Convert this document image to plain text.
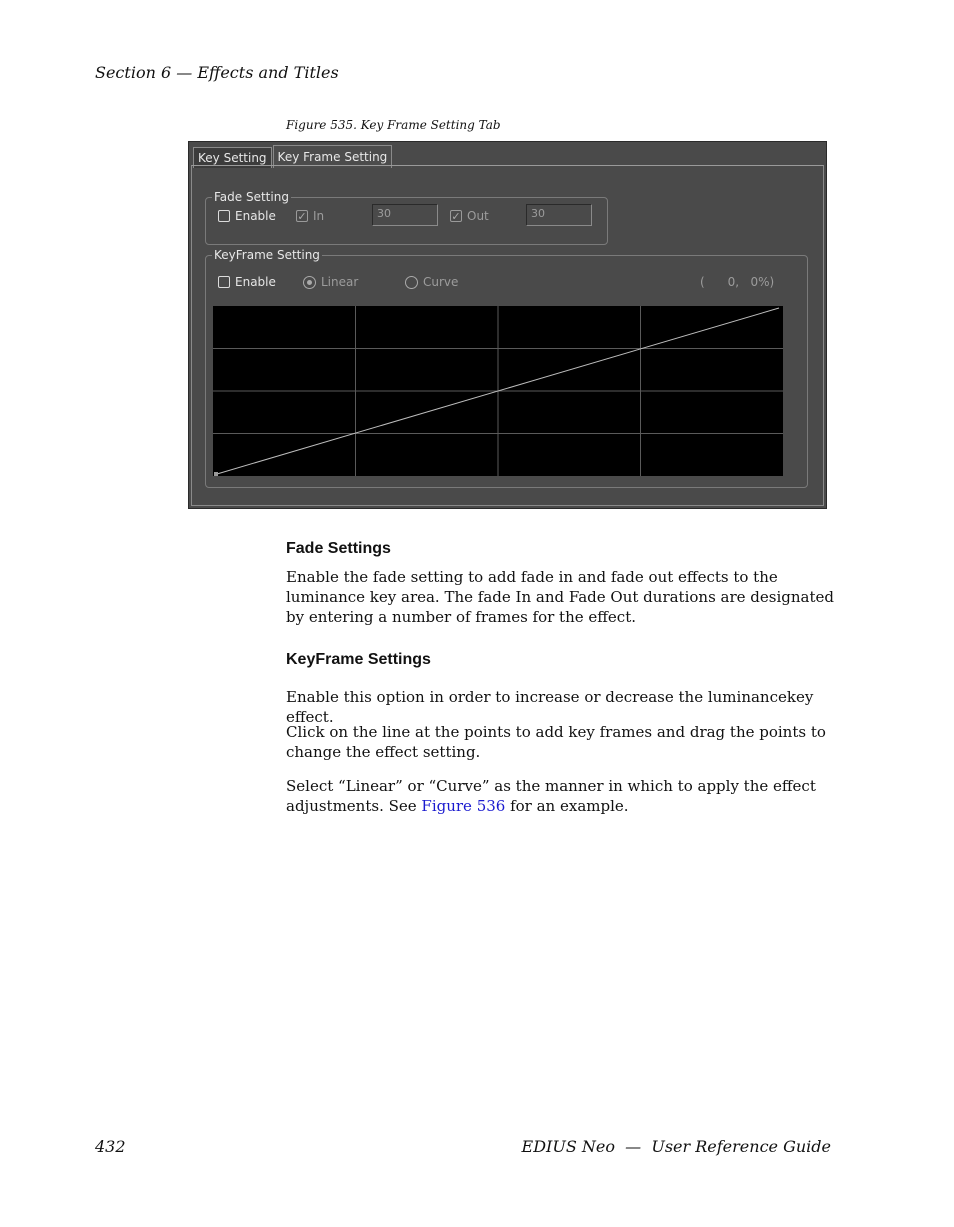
Section 6 — Effects and Titles
Figure 535. Key Frame Setting Tab
Key Setting Key Frame Setting
Fade Setting
Enable ✓ In	30	✓ Out	30
KeyFrame Setting
Enable	Linear	Curve	(      0,   0%)
Fade Settings
Enable the fade setting to add fade in and fade out effects to the luminance key area. The fade In and Fade Out durations are designated by entering a number of frames for the effect.
KeyFrame Settings
Enable this option in order to increase or decrease the luminancekey effect.
Click on the line at the points to add key frames and drag the points to change the effect setting.
Select “Linear” or “Curve” as the manner in which to apply the effect adjustments. See Figure 536 for an example.
432	EDIUS Neo  —  User Reference Guide
